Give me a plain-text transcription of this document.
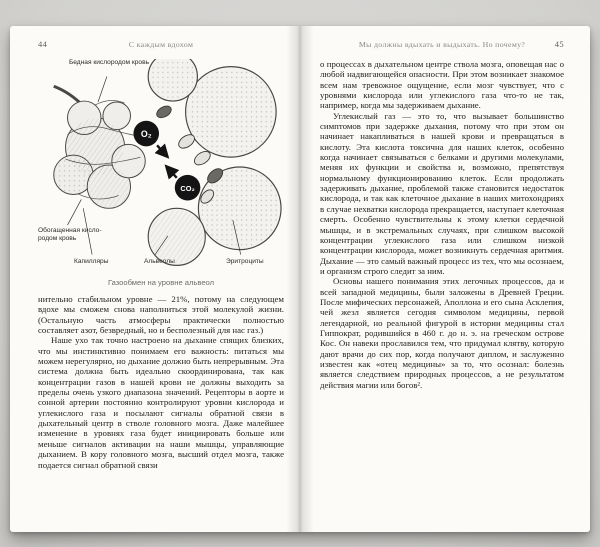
44	С каждым вдохом
O₂
CO₂
Бедная кислородом кровь
Обогащенная кисло-
родом кровь
Капилляры	Альвеолы	Эритроциты
Газообмен на уровне альвеол

нительно стабильном уровне — 21%, потому на следующем вдохе мы сможем снова наполниться этой молекулой жизни. (Остальную часть атмосферы практически полностью составляет азот, безвредный, но и бесполезный для нас газ.)

Наше ухо так точно настроено на дыхание спящих близких, что мы инстинктивно понимаем его важность: питаться мы можем нерегулярно, но дыхание должно быть непрерывным. Эта система должна быть идеально скоординирована, так как концентрации газов в нашей крови не должны выходить за пределы очень узкого диапазона значений. Рецепторы в аорте и сонной артерии постоянно контролируют уровни кислорода и углекислого газа и посылают сигналы обратной связи в дыхательный центр в стволе головного мозга. Даже малейшее изменение в уровнях газа будет инициировать больше или меньше сигналов активации на наши мышцы, управляющие дыханием. В кору головного мозга, высший отдел мозга, также подается сигнал обратной связи

Мы должны вдыхать и выдыхать. Но почему?	45

о процессах в дыхательном центре ствола мозга, оповещая нас о любой надвигающейся опасности. При этом возникает знакомое всем нам тревожное ощущение, если мозг чувствует, что с уровнями кислорода или углекислого газа что-то не так, например, когда мы задерживаем дыхание.

Углекислый газ — это то, что вызывает большинство симптомов при задержке дыхания, потому что при этом он начинает накапливаться в нашей крови и превращаться в кислоту. Эта кислота токсична для наших клеток, особенно когда начинает связываться с белками и другими молекулами, меняя их функции и свойства и, возможно, препятствуя нормальному функционированию клеток. Если продолжать задерживать дыхание, проблемой также становится недостаток кислорода, и так как клеточное дыхание в наших митохондриях в случае нехватки кислорода прекращается, наступает клеточная смерть. Особенно чувствительны к этому клетки сердечной мышцы, и в экстремальных случаях, при слишком высокой концентрации углекислого газа или слишком низкой концентрации кислорода, может возникнуть сердечная аритмия. Дыхание — это самый важный процесс из тех, что мы осознаем, и организм строго следит за ним.

Основы нашего понимания этих легочных процессов, да и всей западной медицины, были заложены в Древней Греции. После мифических персонажей, Аполлона и его сына Асклепия, чей жезл является сегодня символом медицины, первой легендарной, но реальной фигурой в истории медицины стал Гиппократ, родившийся в 460 г. до н. э. на греческом острове Кос. Он навеки прославился тем, что придумал клятву, которую дают врачи до сих пор, когда получают диплом, и заслуженно известен как «отец медицины» за то, что осознал: болезнь является следствием природных процессов, а не результатом действия магии или богов².
